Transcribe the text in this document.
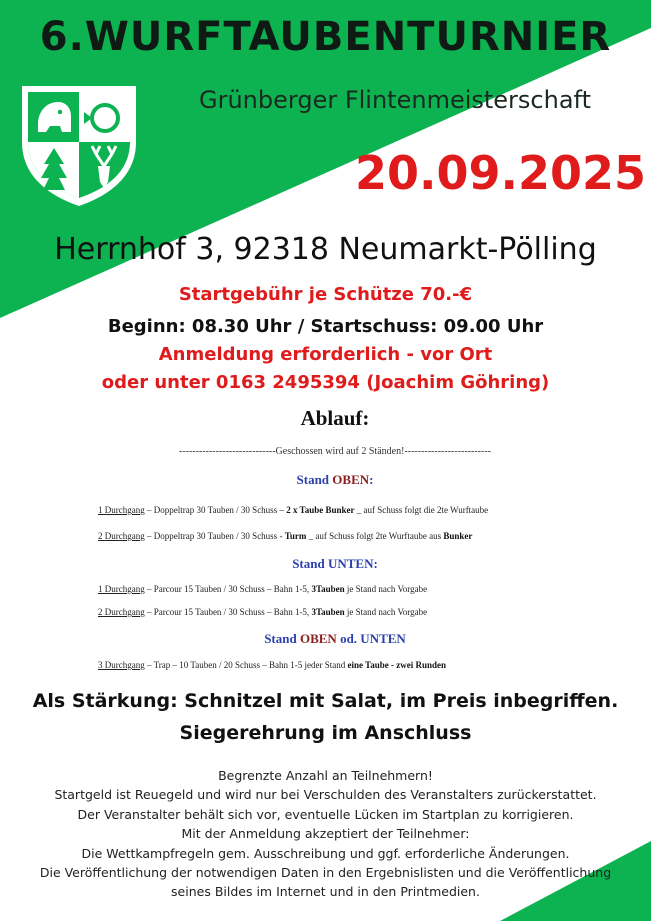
6.WURFTAUBENTURNIER
Grünberger Flintenmeisterschaft
20.09.2025
Herrnhof 3, 92318 Neumarkt-Pölling
Startgebühr je Schütze 70.-€
Beginn: 08.30 Uhr / Startschuss: 09.00 Uhr
Anmeldung erforderlich - vor Ort
oder unter 0163 2495394 (Joachim Göhring)
Ablauf:
-----------------------------Geschossen wird auf 2 Ständen!--------------------------
Stand OBEN:
1 Durchgang – Doppeltrap 30 Tauben / 30 Schuss – 2 x Taube Bunker _ auf Schuss folgt die 2te Wurftaube
2 Durchgang – Doppeltrap 30 Tauben / 30 Schuss - Turm _ auf Schuss folgt 2te Wurftaube aus Bunker
Stand UNTEN:
1 Durchgang – Parcour 15 Tauben / 30 Schuss – Bahn 1-5, 3Tauben je Stand nach Vorgabe
2 Durchgang – Parcour 15 Tauben / 30 Schuss – Bahn 1-5, 3Tauben je Stand nach Vorgabe
Stand OBEN od. UNTEN
3 Durchgang – Trap – 10 Tauben / 20 Schuss – Bahn 1-5 jeder Stand eine Taube - zwei Runden
Als Stärkung: Schnitzel mit Salat, im Preis inbegriffen.
Siegerehrung im Anschluss
Begrenzte Anzahl an Teilnehmern!
Startgeld ist Reuegeld und wird nur bei Verschulden des Veranstalters zurückerstattet.
Der Veranstalter behält sich vor, eventuelle Lücken im Startplan zu korrigieren.
Mit der Anmeldung akzeptiert der Teilnehmer:
Die Wettkampfregeln gem. Ausschreibung und ggf. erforderliche Änderungen.
Die Veröffentlichung der notwendigen Daten in den Ergebnislisten und die Veröffentlichung
seines Bildes im Internet und in den Printmedien.
